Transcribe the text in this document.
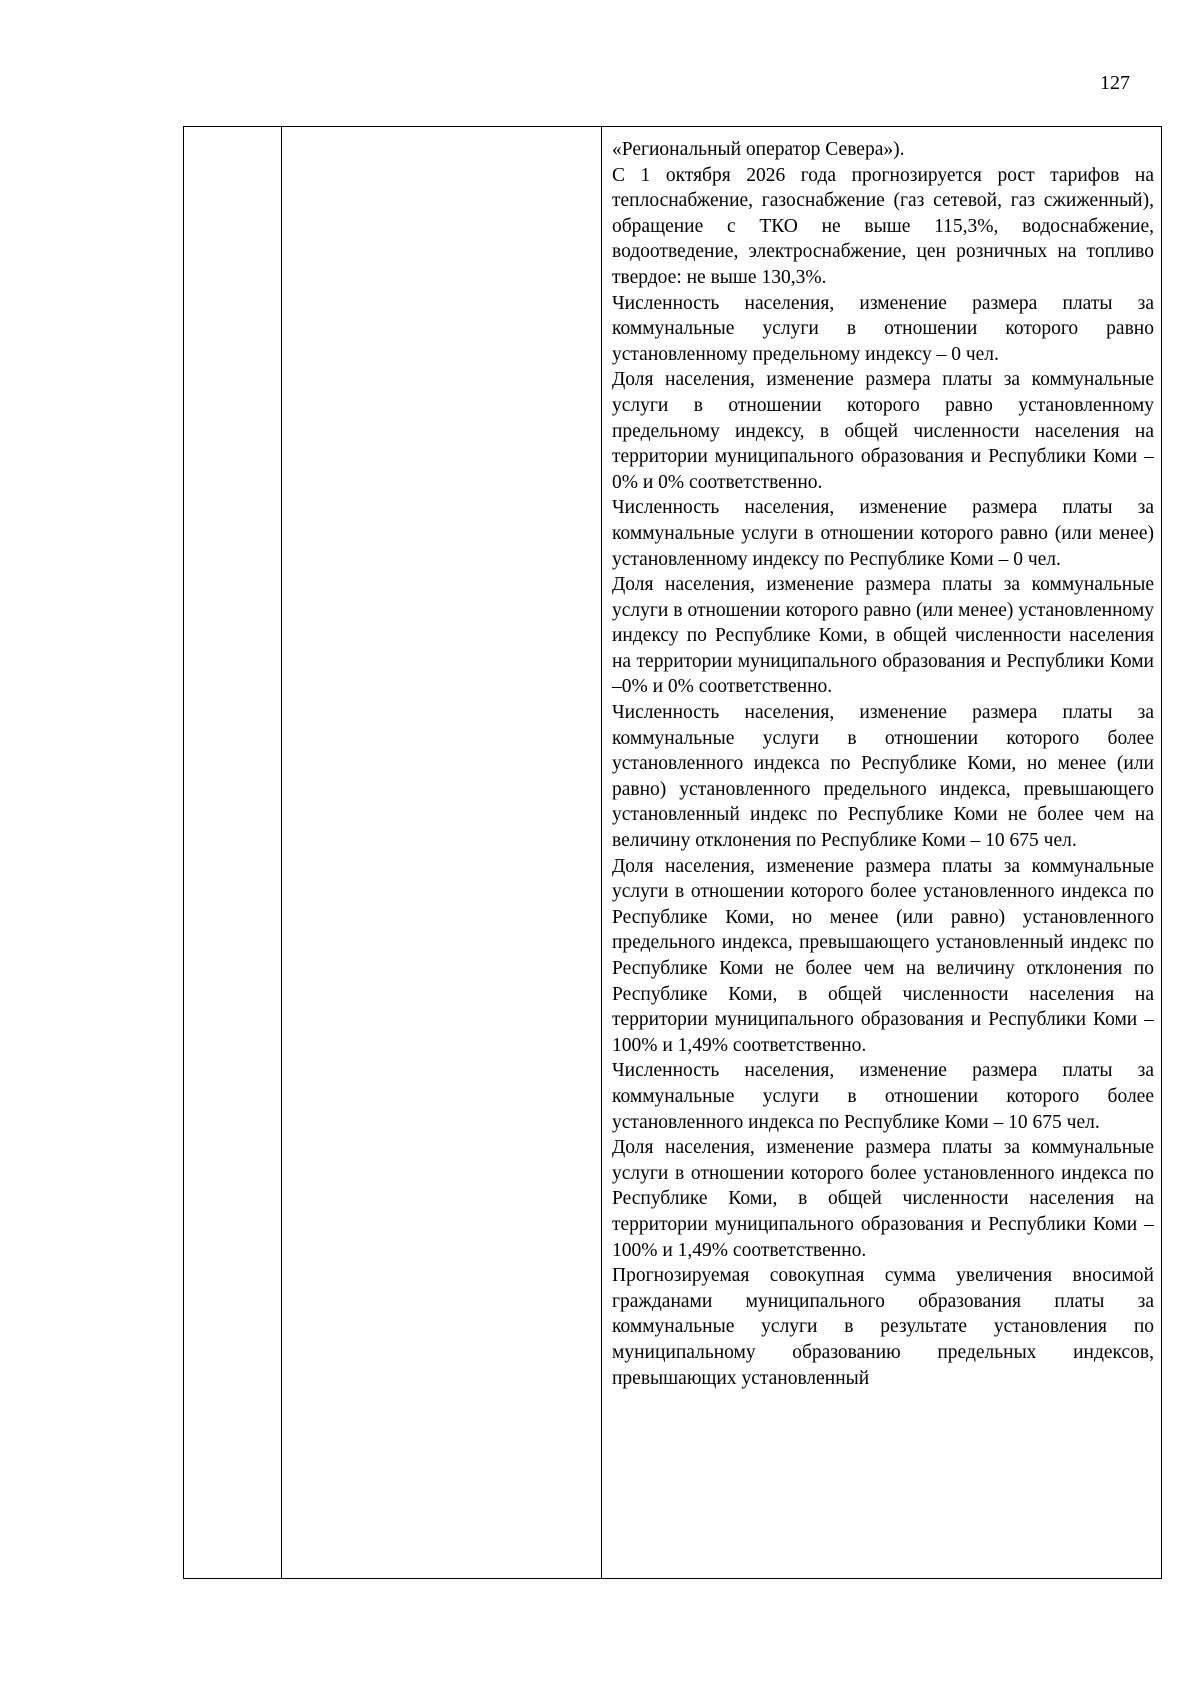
127

«Региональный оператор Севера»).

С 1 октября 2026 года прогнозируется рост тарифов на теплоснабжение, газоснабжение (газ сетевой, газ сжиженный), обращение с ТКО не выше 115,3%, водоснабжение, водоотведение, электроснабжение, цен розничных на топливо твердое: не выше 130,3%.

Численность населения, изменение размера платы за коммунальные услуги в отношении которого равно установленному предельному индексу – 0 чел.

Доля населения, изменение размера платы за коммунальные услуги в отношении которого равно установленному предельному индексу, в общей численности населения на территории муниципального образования и Республики Коми – 0% и 0% соответственно.

Численность населения, изменение размера платы за коммунальные услуги в отношении которого равно (или менее) установленному индексу по Республике Коми – 0 чел.

Доля населения, изменение размера платы за коммунальные услуги в отношении которого равно (или менее) установленному индексу по Республике Коми, в общей численности населения на территории муниципального образования и Республики Коми –0% и 0% соответственно.

Численность населения, изменение размера платы за коммунальные услуги в отношении которого более установленного индекса по Республике Коми, но менее (или равно) установленного предельного индекса, превышающего установленный индекс по Республике Коми не более чем на величину отклонения по Республике Коми – 10 675 чел.

Доля населения, изменение размера платы за коммунальные услуги в отношении которого более установленного индекса по Республике Коми, но менее (или равно) установленного предельного индекса, превышающего установленный индекс по Республике Коми не более чем на величину отклонения по Республике Коми, в общей численности населения на территории муниципального образования и Республики Коми – 100% и 1,49% соответственно.

Численность населения, изменение размера платы за коммунальные услуги в отношении которого более установленного индекса по Республике Коми – 10 675 чел.

Доля населения, изменение размера платы за коммунальные услуги в отношении которого более установленного индекса по Республике Коми, в общей численности населения на территории муниципального образования и Республики Коми – 100% и 1,49% соответственно.

Прогнозируемая совокупная сумма увеличения вносимой гражданами муниципального образования платы за коммунальные услуги в результате установления по муниципальному образованию предельных индексов, превышающих установленный
